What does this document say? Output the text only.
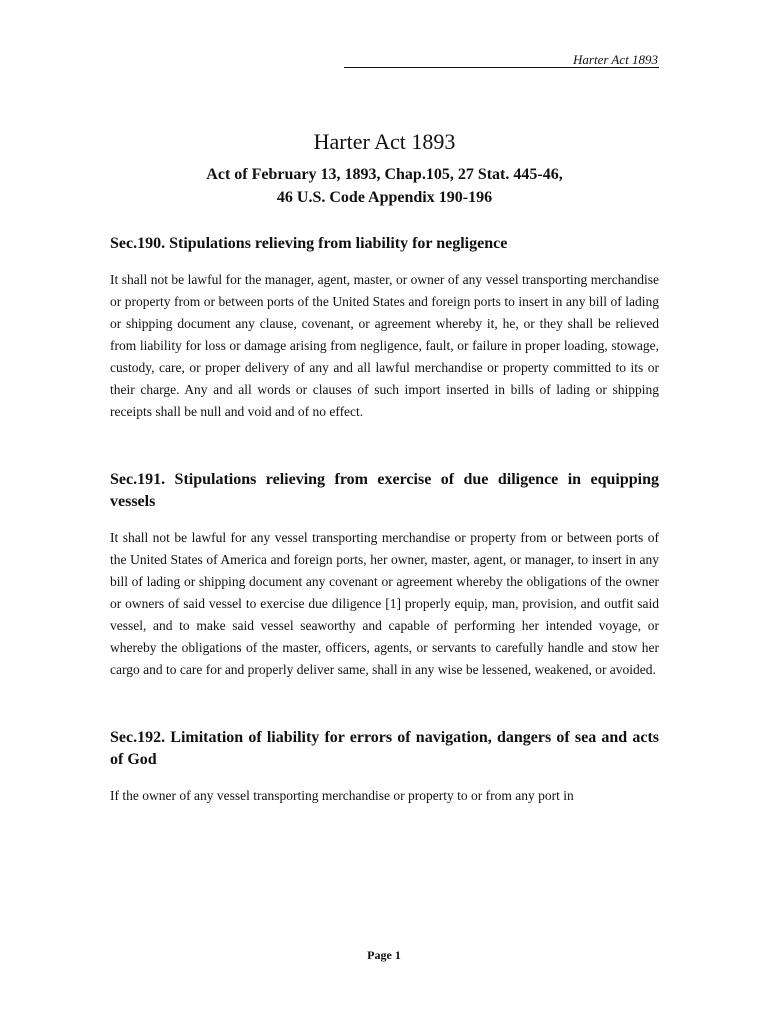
Harter Act 1893
Harter Act 1893
Act of February 13, 1893, Chap.105, 27 Stat. 445-46,
46 U.S. Code Appendix 190-196
Sec.190. Stipulations relieving from liability for negligence

It shall not be lawful for the manager, agent, master, or owner of any vessel transporting merchandise or property from or between ports of the United States and foreign ports to insert in any bill of lading or shipping document any clause, covenant, or agreement whereby it, he, or they shall be relieved from liability for loss or damage arising from negligence, fault, or failure in proper loading, stowage, custody, care, or proper delivery of any and all lawful merchandise or property committed to its or their charge. Any and all words or clauses of such import inserted in bills of lading or shipping receipts shall be null and void and of no effect.

Sec.191. Stipulations relieving from exercise of due diligence in equipping vessels

It shall not be lawful for any vessel transporting merchandise or property from or between ports of the United States of America and foreign ports, her owner, master, agent, or manager, to insert in any bill of lading or shipping document any covenant or agreement whereby the obligations of the owner or owners of said vessel to exercise due diligence [1] properly equip, man, provision, and outfit said vessel, and to make said vessel seaworthy and capable of performing her intended voyage, or whereby the obligations of the master, officers, agents, or servants to carefully handle and stow her cargo and to care for and properly deliver same, shall in any wise be lessened, weakened, or avoided.

Sec.192. Limitation of liability for errors of navigation, dangers of sea and acts of God

If the owner of any vessel transporting merchandise or property to or from any port in

Page 1
